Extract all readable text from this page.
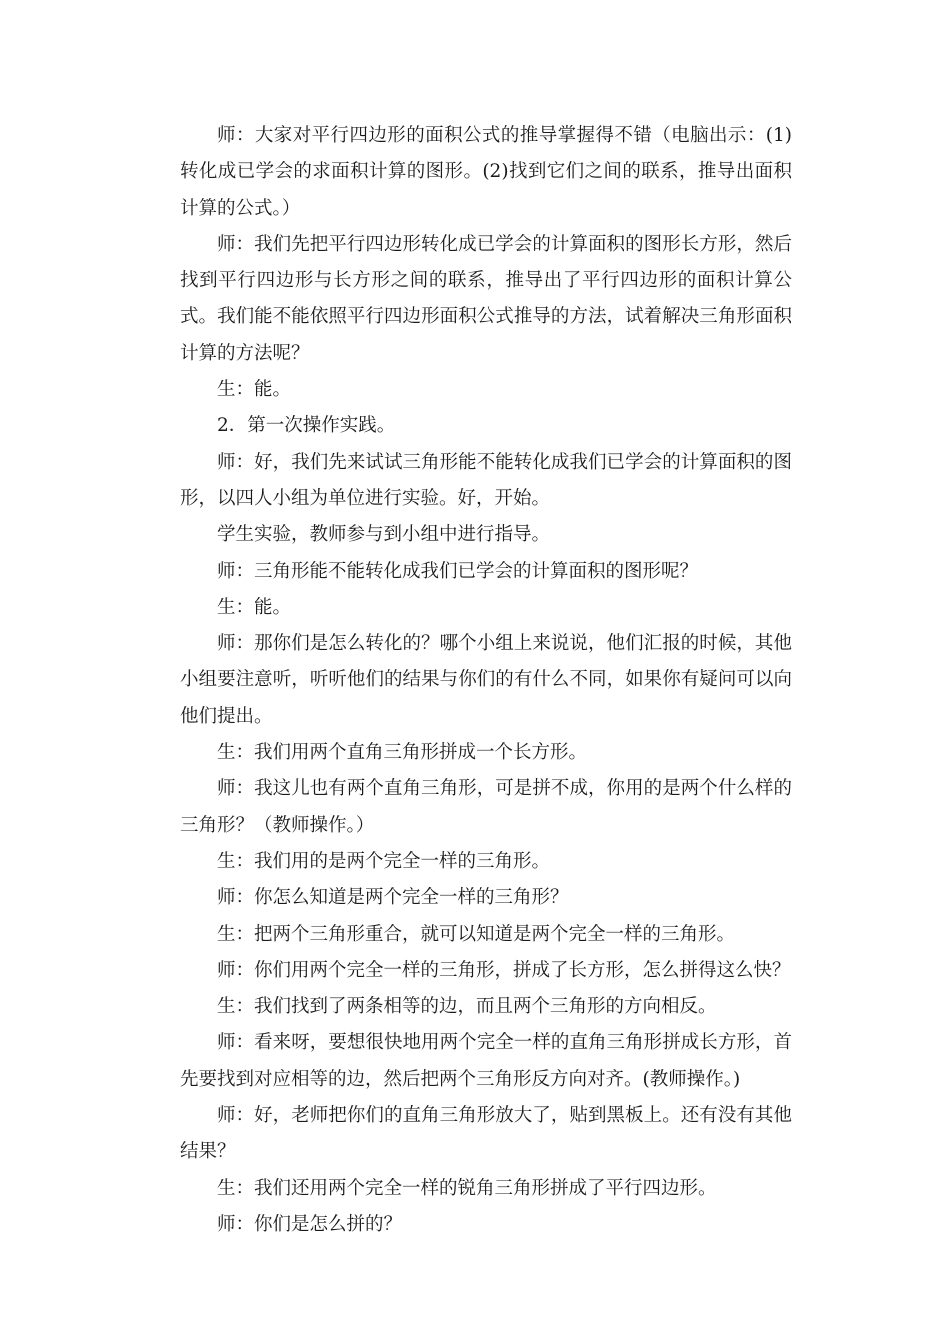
师：大家对平行四边形的面积公式的推导掌握得不错（电脑出示：(1)转化成已学会的求面积计算的图形。(2)找到它们之间的联系，推导出面积计算的公式。）

师：我们先把平行四边形转化成已学会的计算面积的图形长方形，然后找到平行四边形与长方形之间的联系，推导出了平行四边形的面积计算公式。我们能不能依照平行四边形面积公式推导的方法，试着解决三角形面积计算的方法呢？

生：能。

2．第一次操作实践。

师：好，我们先来试试三角形能不能转化成我们已学会的计算面积的图形，以四人小组为单位进行实验。好，开始。

学生实验，教师参与到小组中进行指导。

师：三角形能不能转化成我们已学会的计算面积的图形呢？

生：能。

师：那你们是怎么转化的？哪个小组上来说说，他们汇报的时候，其他小组要注意听，听听他们的结果与你们的有什么不同，如果你有疑问可以向他们提出。

生：我们用两个直角三角形拼成一个长方形。

师：我这儿也有两个直角三角形，可是拼不成，你用的是两个什么样的三角形？（教师操作。）

生：我们用的是两个完全一样的三角形。

师：你怎么知道是两个完全一样的三角形？

生：把两个三角形重合，就可以知道是两个完全一样的三角形。

师：你们用两个完全一样的三角形，拼成了长方形，怎么拼得这么快？

生：我们找到了两条相等的边，而且两个三角形的方向相反。

师：看来呀，要想很快地用两个完全一样的直角三角形拼成长方形，首先要找到对应相等的边，然后把两个三角形反方向对齐。(教师操作。)

师：好，老师把你们的直角三角形放大了，贴到黑板上。还有没有其他结果？

生：我们还用两个完全一样的锐角三角形拼成了平行四边形。

师：你们是怎么拼的？
